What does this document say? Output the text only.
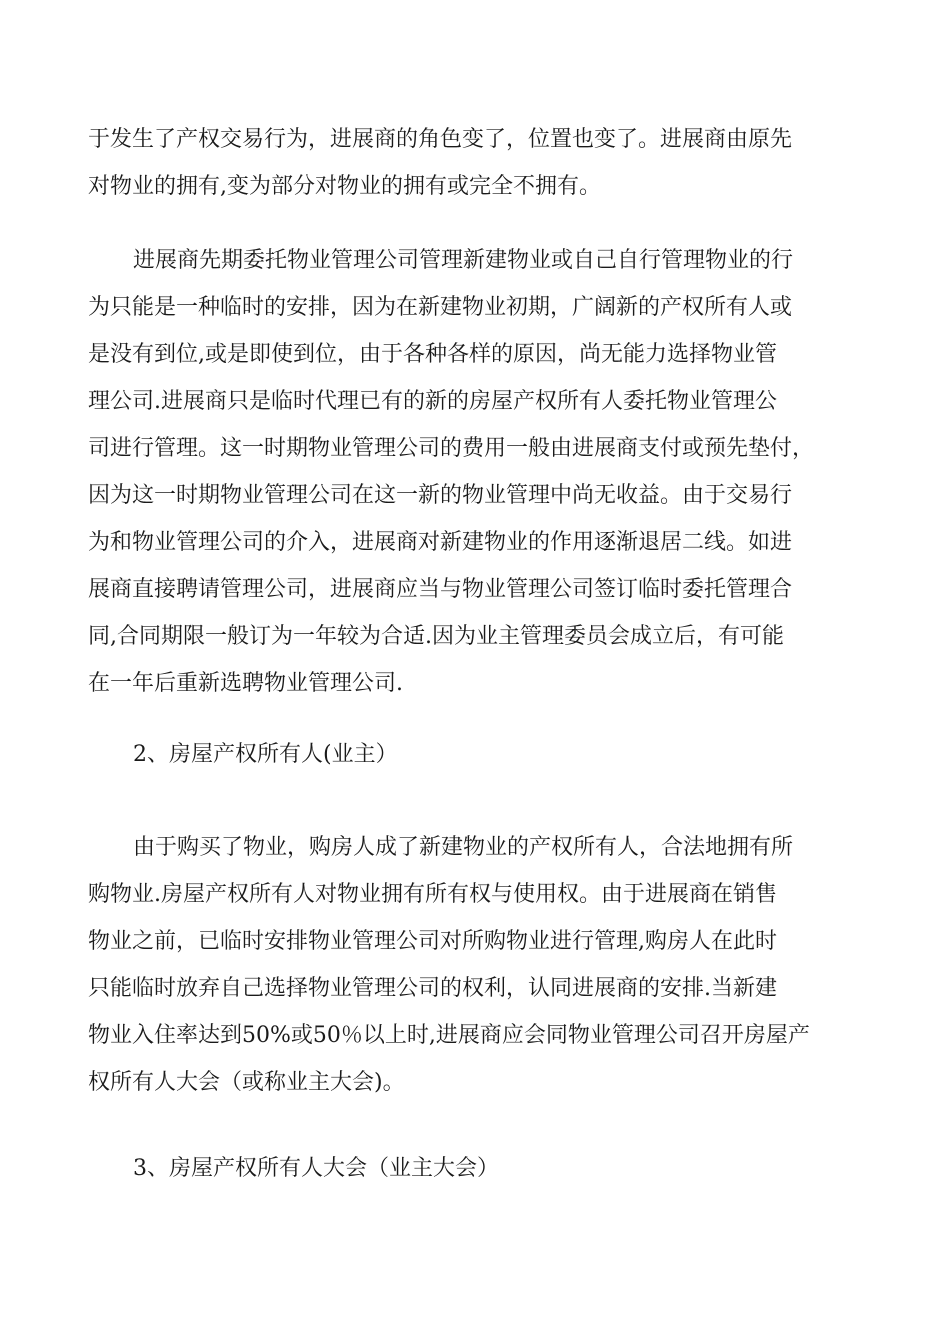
于发生了产权交易行为，进展商的角色变了，位置也变了。进展商由原先
对物业的拥有,变为部分对物业的拥有或完全不拥有。
进展商先期委托物业管理公司管理新建物业或自己自行管理物业的行
为只能是一种临时的安排，因为在新建物业初期，广阔新的产权所有人或
是没有到位,或是即使到位，由于各种各样的原因，尚无能力选择物业管
理公司.进展商只是临时代理已有的新的房屋产权所有人委托物业管理公
司进行管理。这一时期物业管理公司的费用一般由进展商支付或预先垫付，
因为这一时期物业管理公司在这一新的物业管理中尚无收益。由于交易行
为和物业管理公司的介入，进展商对新建物业的作用逐渐退居二线。如进
展商直接聘请管理公司，进展商应当与物业管理公司签订临时委托管理合
同,合同期限一般订为一年较为合适.因为业主管理委员会成立后，有可能
在一年后重新选聘物业管理公司.
2、房屋产权所有人(业主）
由于购买了物业，购房人成了新建物业的产权所有人，合法地拥有所
购物业.房屋产权所有人对物业拥有所有权与使用权。由于进展商在销售
物业之前，已临时安排物业管理公司对所购物业进行管理,购房人在此时
只能临时放弃自己选择物业管理公司的权利，认同进展商的安排.当新建
物业入住率达到50%或50％以上时,进展商应会同物业管理公司召开房屋产
权所有人大会（或称业主大会)。
3、房屋产权所有人大会（业主大会）
